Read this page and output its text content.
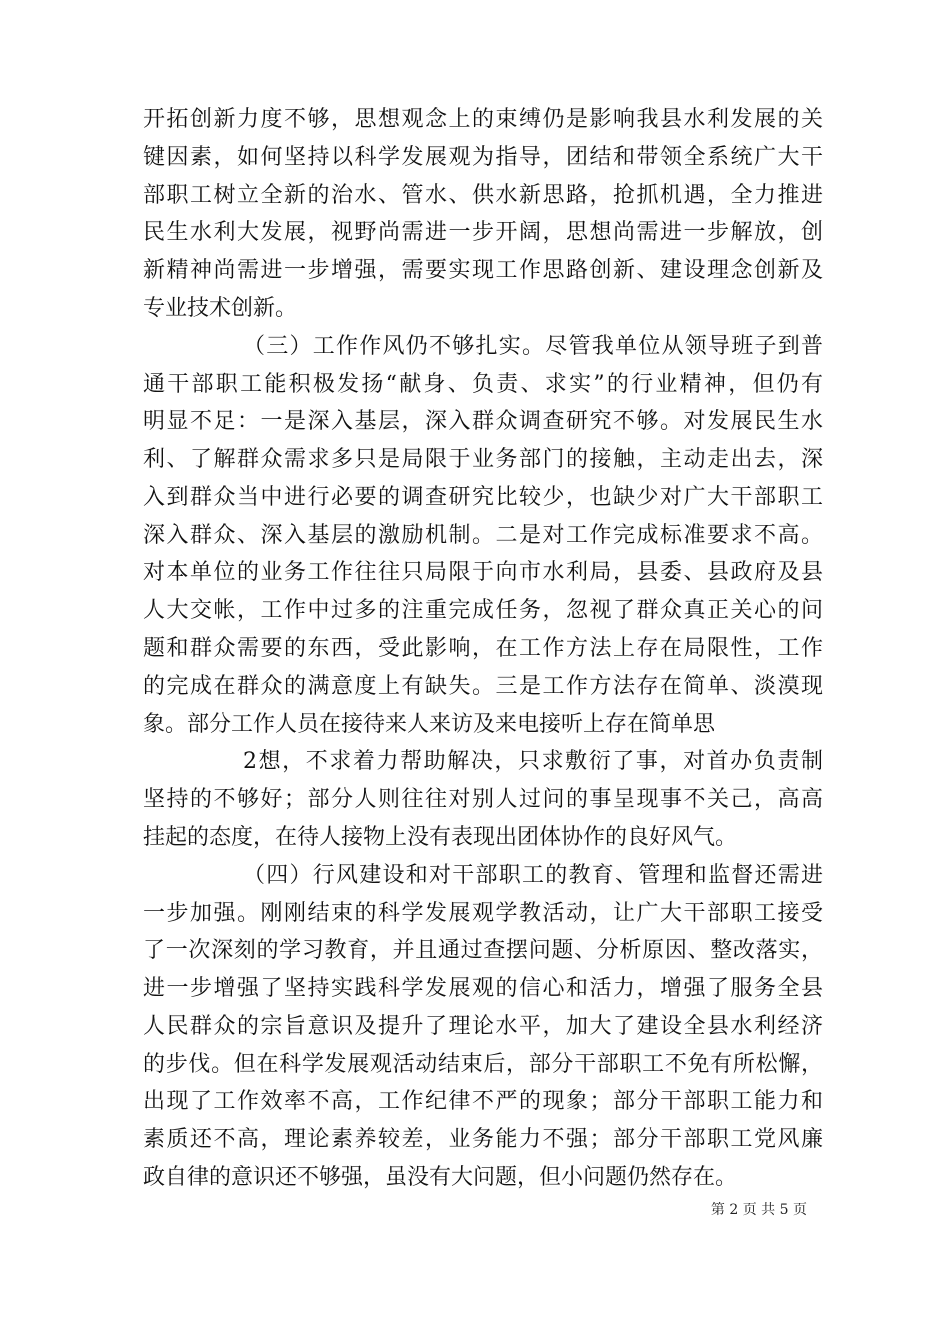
开拓创新力度不够，思想观念上的束缚仍是影响我县水利发展的关
键因素，如何坚持以科学发展观为指导，团结和带领全系统广大干
部职工树立全新的治水、管水、供水新思路，抢抓机遇，全力推进
民生水利大发展，视野尚需进一步开阔，思想尚需进一步解放，创
新精神尚需进一步增强，需要实现工作思路创新、建设理念创新及
专业技术创新。
（三）工作作风仍不够扎实。尽管我单位从领导班子到普
通干部职工能积极发扬“献身、负责、求实”的行业精神，但仍有
明显不足：一是深入基层，深入群众调查研究不够。对发展民生水
利、了解群众需求多只是局限于业务部门的接触，主动走出去，深
入到群众当中进行必要的调查研究比较少，也缺少对广大干部职工
深入群众、深入基层的激励机制。二是对工作完成标准要求不高。
对本单位的业务工作往往只局限于向市水利局，县委、县政府及县
人大交帐，工作中过多的注重完成任务，忽视了群众真正关心的问
题和群众需要的东西，受此影响，在工作方法上存在局限性，工作
的完成在群众的满意度上有缺失。三是工作方法存在简单、淡漠现
象。部分工作人员在接待来人来访及来电接听上存在简单思
2想，不求着力帮助解决，只求敷衍了事，对首办负责制
坚持的不够好；部分人则往往对别人过问的事呈现事不关己，高高
挂起的态度，在待人接物上没有表现出团体协作的良好风气。
（四）行风建设和对干部职工的教育、管理和监督还需进
一步加强。刚刚结束的科学发展观学教活动，让广大干部职工接受
了一次深刻的学习教育，并且通过查摆问题、分析原因、整改落实，
进一步增强了坚持实践科学发展观的信心和活力，增强了服务全县
人民群众的宗旨意识及提升了理论水平，加大了建设全县水利经济
第 2 页 共 5 页
的步伐。但在科学发展观活动结束后，部分干部职工不免有所松懈，
出现了工作效率不高，工作纪律不严的现象；部分干部职工能力和
素质还不高，理论素养较差，业务能力不强；部分干部职工党风廉
政自律的意识还不够强，虽没有大问题，但小问题仍然存在。
